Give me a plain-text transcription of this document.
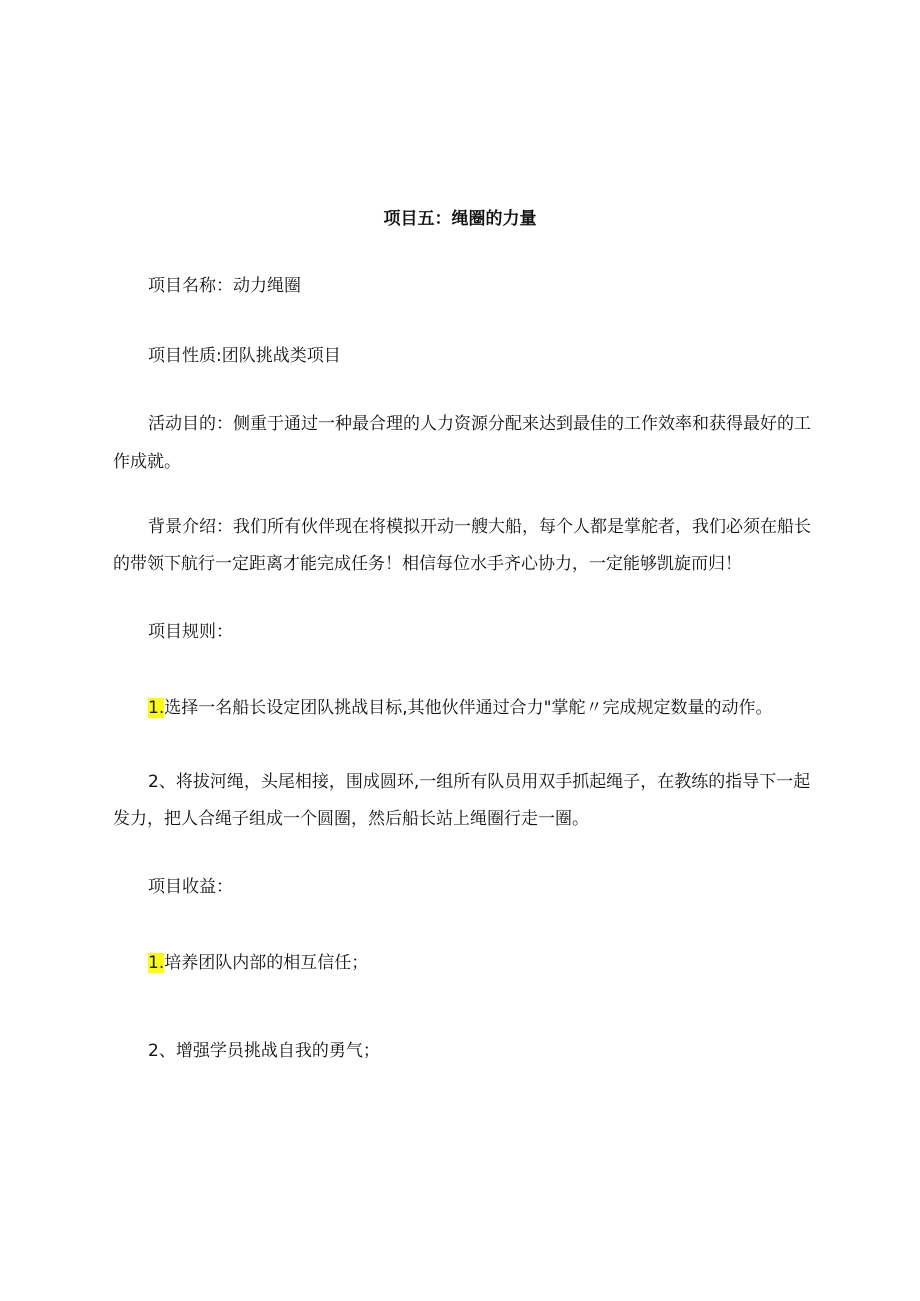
项目五：绳圈的力量
项目名称：动力绳圈
项目性质:团队挑战类项目
活动目的：侧重于通过一种最合理的人力资源分配来达到最佳的工作效率和获得最好的工
作成就。
背景介绍：我们所有伙伴现在将模拟开动一艘大船，每个人都是掌舵者，我们必须在船长
的带领下航行一定距离才能完成任务！相信每位水手齐心协力，一定能够凯旋而归！
项目规则：
1.选择一名船长设定团队挑战目标,其他伙伴通过合力"掌舵〃完成规定数量的动作。
2、将拔河绳，头尾相接，围成圆环,一组所有队员用双手抓起绳子，在教练的指导下一起
发力，把人合绳子组成一个圆圈，然后船长站上绳圈行走一圈。
项目收益：
1.培养团队内部的相互信任；
2、增强学员挑战自我的勇气；
